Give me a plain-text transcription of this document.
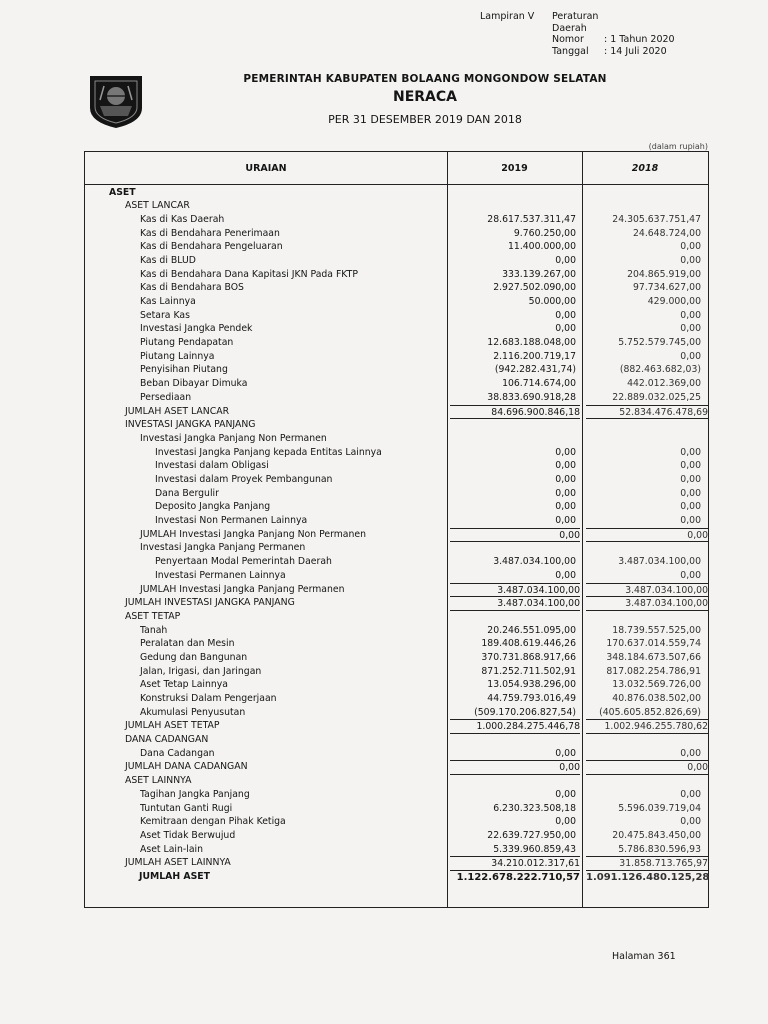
Lampiran V Peraturan Daerah
Nomor	: 1 Tahun 2020
Tanggal	: 14 Juli 2020
PEMERINTAH KABUPATEN BOLAANG MONGONDOW SELATAN
NERACA
PER 31 DESEMBER 2019 DAN 2018
(dalam rupiah)
URAIAN	2019	2018
ASET
ASET LANCAR
Kas di Kas Daerah	28.617.537.311,47	24.305.637.751,47
Kas di Bendahara Penerimaan	9.760.250,00	24.648.724,00
Kas di Bendahara Pengeluaran	11.400.000,00	0,00
Kas di BLUD	0,00	0,00
Kas di Bendahara Dana Kapitasi JKN Pada FKTP	333.139.267,00	204.865.919,00
Kas di Bendahara BOS	2.927.502.090,00	97.734.627,00
Kas Lainnya	50.000,00	429.000,00
Setara Kas	0,00	0,00
Investasi Jangka Pendek	0,00	0,00
Piutang Pendapatan	12.683.188.048,00	5.752.579.745,00
Piutang Lainnya	2.116.200.719,17	0,00
Penyisihan Piutang	(942.282.431,74)	(882.463.682,03)
Beban Dibayar Dimuka	106.714.674,00	442.012.369,00
Persediaan	38.833.690.918,28	22.889.032.025,25
JUMLAH ASET LANCAR	84.696.900.846,18	52.834.476.478,69
INVESTASI JANGKA PANJANG
Investasi Jangka Panjang Non Permanen
Investasi Jangka Panjang kepada Entitas Lainnya	0,00	0,00
Investasi dalam Obligasi	0,00	0,00
Investasi dalam Proyek Pembangunan	0,00	0,00
Dana Bergulir	0,00	0,00
Deposito Jangka Panjang	0,00	0,00
Investasi Non Permanen Lainnya	0,00	0,00
JUMLAH Investasi Jangka Panjang Non Permanen	0,00	0,00
Investasi Jangka Panjang Permanen
Penyertaan Modal Pemerintah Daerah	3.487.034.100,00	3.487.034.100,00
Investasi Permanen Lainnya	0,00	0,00
JUMLAH Investasi Jangka Panjang Permanen	3.487.034.100,00	3.487.034.100,00
JUMLAH INVESTASI JANGKA PANJANG	3.487.034.100,00	3.487.034.100,00
ASET TETAP
Tanah	20.246.551.095,00	18.739.557.525,00
Peralatan dan Mesin	189.408.619.446,26	170.637.014.559,74
Gedung dan Bangunan	370.731.868.917,66	348.184.673.507,66
Jalan, Irigasi, dan Jaringan	871.252.711.502,91	817.082.254.786,91
Aset Tetap Lainnya	13.054.938.296,00	13.032.569.726,00
Konstruksi Dalam Pengerjaan	44.759.793.016,49	40.876.038.502,00
Akumulasi Penyusutan	(509.170.206.827,54)	(405.605.852.826,69)
JUMLAH ASET TETAP	1.000.284.275.446,78	1.002.946.255.780,62
DANA CADANGAN
Dana Cadangan	0,00	0,00
JUMLAH DANA CADANGAN	0,00	0,00
ASET LAINNYA
Tagihan Jangka Panjang	0,00	0,00
Tuntutan Ganti Rugi	6.230.323.508,18	5.596.039.719,04
Kemitraan dengan Pihak Ketiga	0,00	0,00
Aset Tidak Berwujud	22.639.727.950,00	20.475.843.450,00
Aset Lain-lain	5.339.960.859,43	5.786.830.596,93
JUMLAH ASET LAINNYA	34.210.012.317,61	31.858.713.765,97
JUMLAH ASET	1.122.678.222.710,57 1.091.126.480.125,28
Halaman 361
